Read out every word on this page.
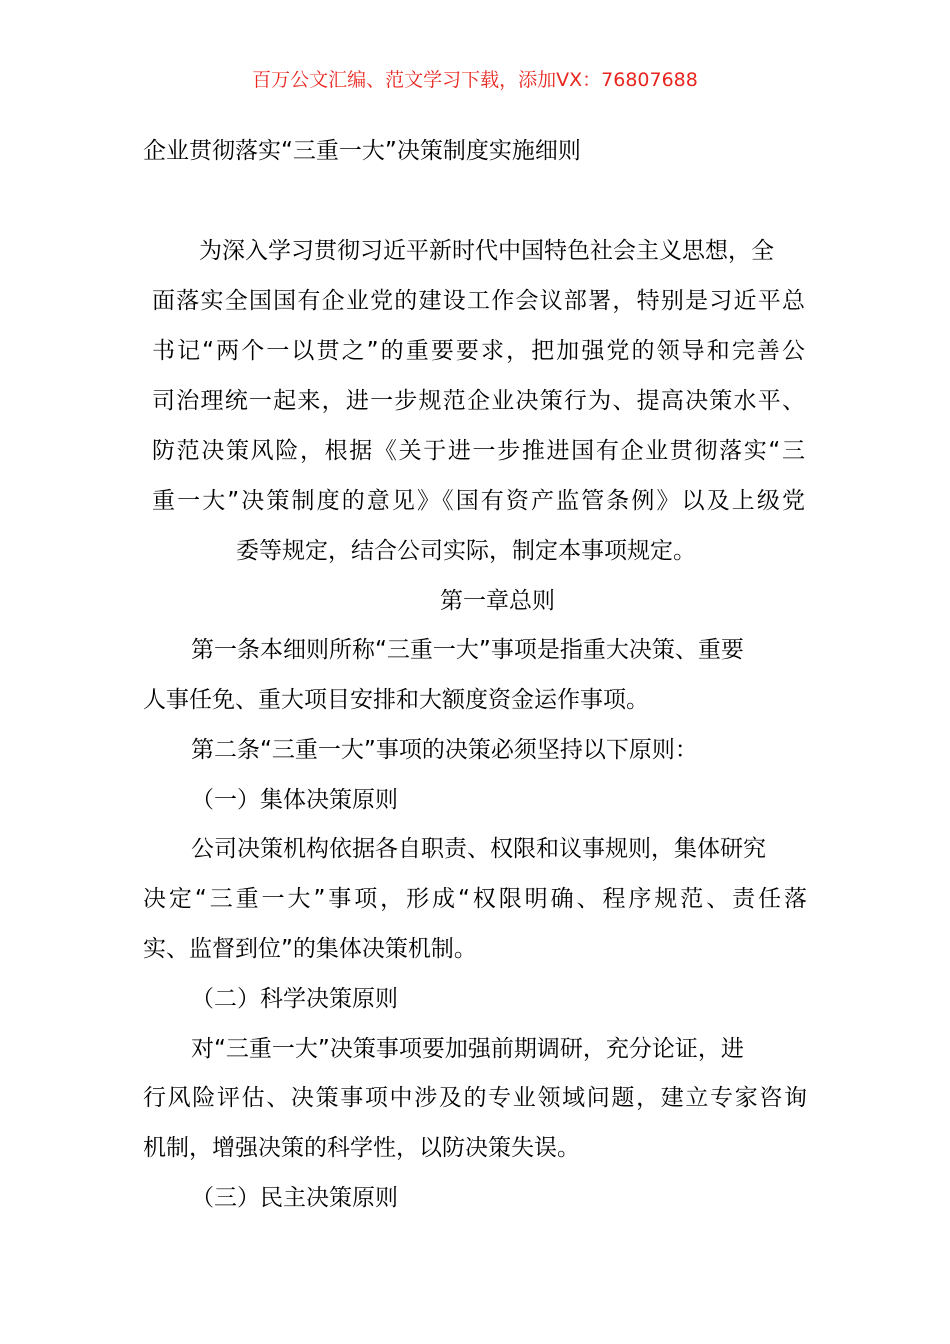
百万公文汇编、范文学习下载，添加VX：76807688
企业贯彻落实“三重一大”决策制度实施细则
为深入学习贯彻习近平新时代中国特色社会主义思想，全
面落实全国国有企业党的建设工作会议部署，特别是习近平总
书记“两个一以贯之”的重要要求，把加强党的领导和完善公
司治理统一起来，进一步规范企业决策行为、提高决策水平、
防范决策风险，根据《关于进一步推进国有企业贯彻落实“三
重一大”决策制度的意见》《国有资产监管条例》以及上级党
委等规定，结合公司实际，制定本事项规定。
第一章总则
第一条本细则所称“三重一大”事项是指重大决策、重要
人事任免、重大项目安排和大额度资金运作事项。
第二条“三重一大”事项的决策必须坚持以下原则：
（一）集体决策原则
公司决策机构依据各自职责、权限和议事规则，集体研究
决定“三重一大”事项，形成“权限明确、程序规范、责任落
实、监督到位”的集体决策机制。
（二）科学决策原则
对“三重一大”决策事项要加强前期调研，充分论证，进
行风险评估、决策事项中涉及的专业领域问题，建立专家咨询
机制，增强决策的科学性，以防决策失误。
（三）民主决策原则
